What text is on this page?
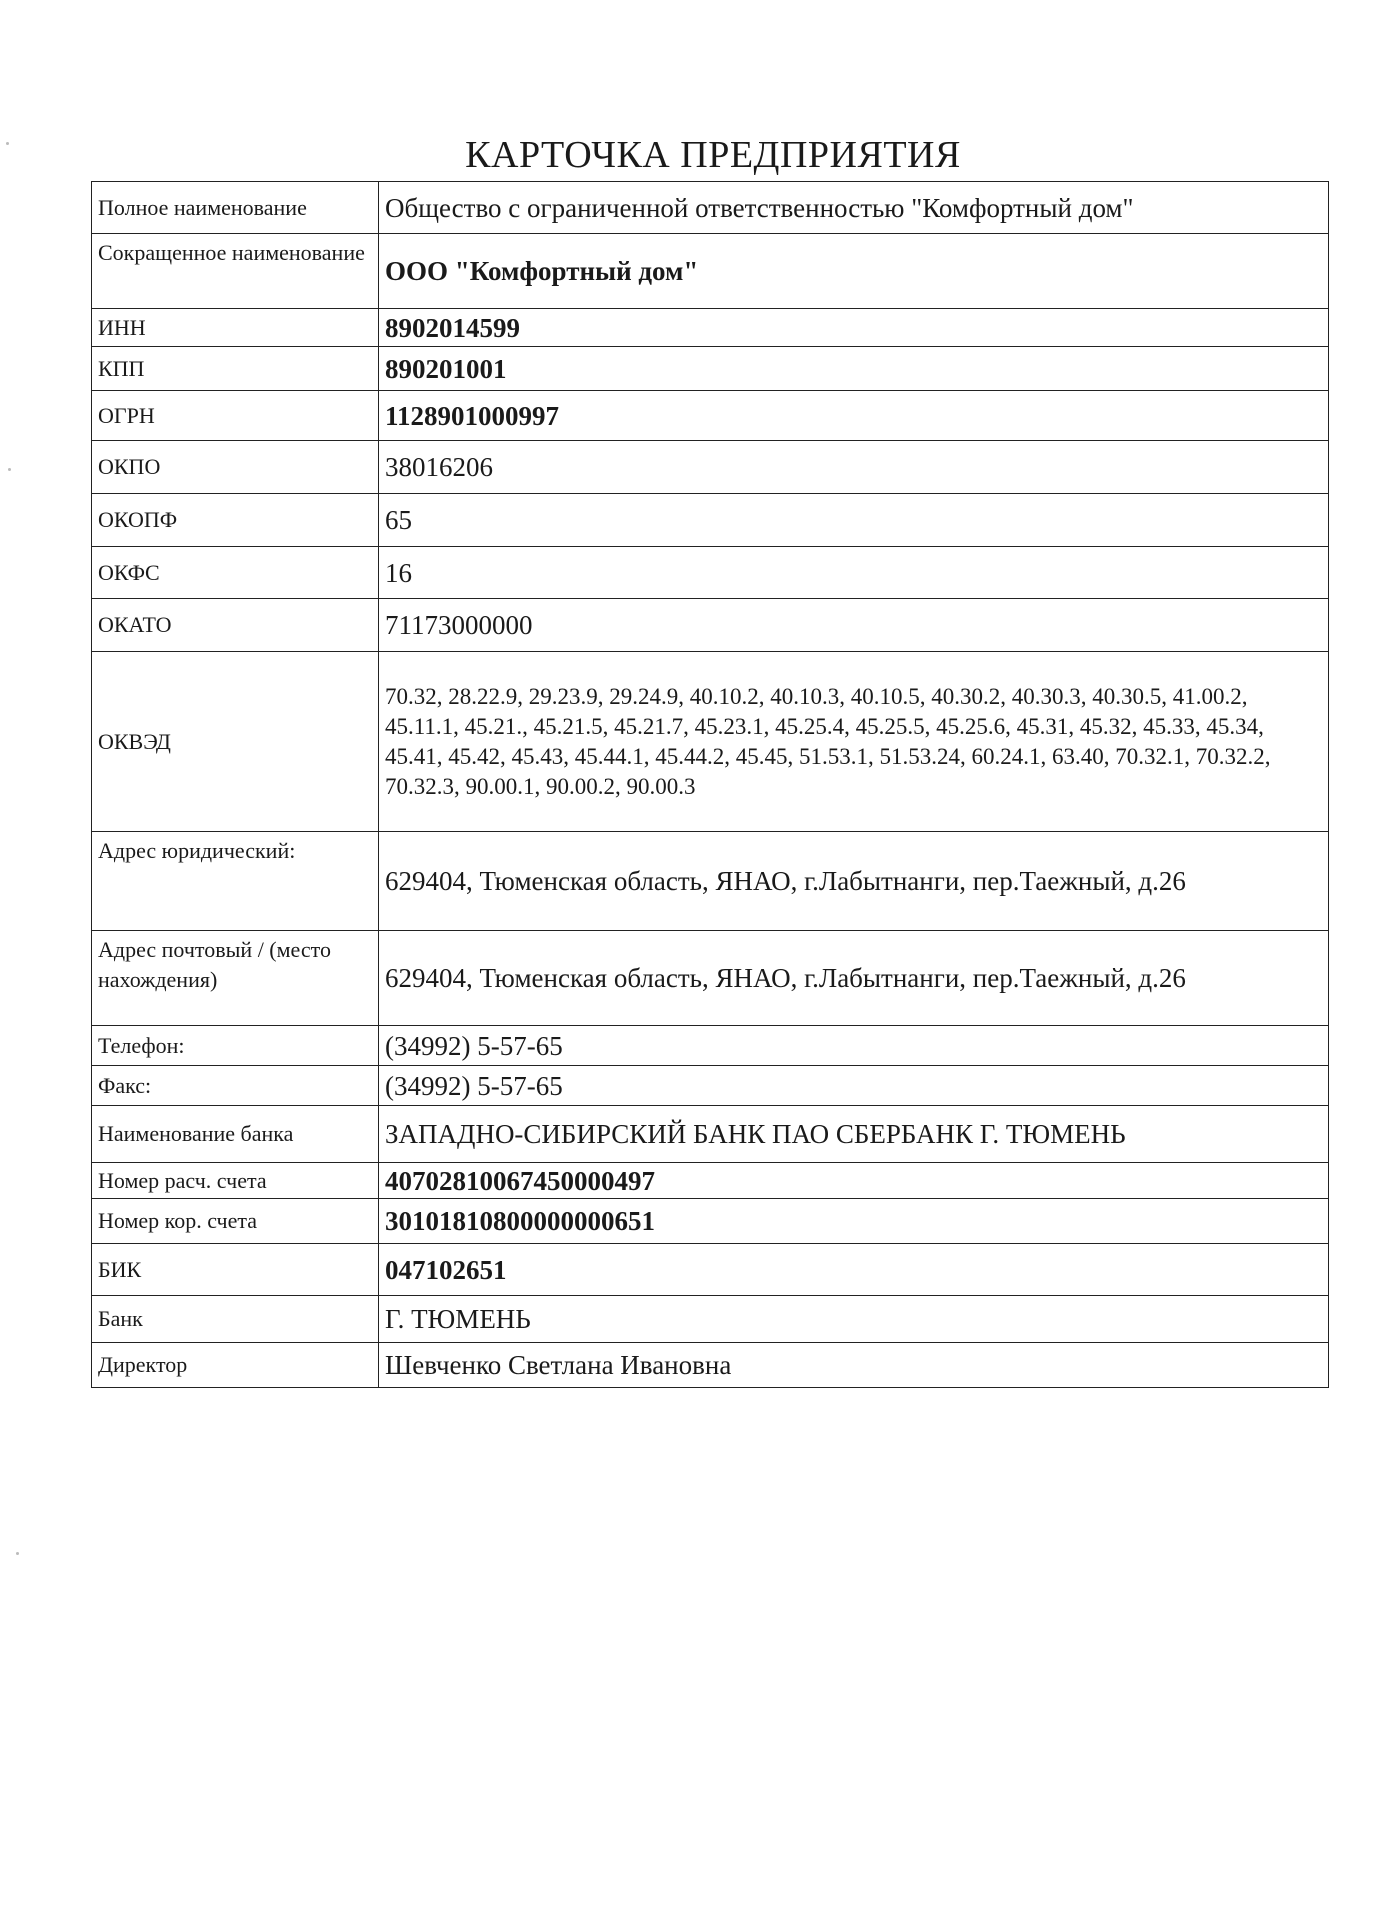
КАРТОЧКА ПРЕДПРИЯТИЯ
Полное наименование	Общество с ограниченной ответственностью "Комфортный дом"
Сокращенное наименование	ООО "Комфортный дом"
ИНН	8902014599
КПП	890201001
ОГРН	1128901000997
ОКПО	38016206
ОКОПФ	65
ОКФС	16
ОКАТО	71173000000
ОКВЭД	70.32, 28.22.9, 29.23.9, 29.24.9, 40.10.2, 40.10.3, 40.10.5, 40.30.2, 40.30.3, 40.30.5, 41.00.2, 45.11.1, 45.21., 45.21.5, 45.21.7, 45.23.1, 45.25.4, 45.25.5, 45.25.6, 45.31, 45.32, 45.33, 45.34, 45.41, 45.42, 45.43, 45.44.1, 45.44.2, 45.45, 51.53.1, 51.53.24, 60.24.1, 63.40, 70.32.1, 70.32.2, 70.32.3, 90.00.1, 90.00.2, 90.00.3
Адрес юридический:	629404, Тюменская область, ЯНАО, г.Лабытнанги, пер.Таежный, д.26
Адрес почтовый / (место нахождения)	629404, Тюменская область, ЯНАО, г.Лабытнанги, пер.Таежный, д.26
Телефон:	(34992) 5-57-65
Факс:	(34992) 5-57-65
Наименование банка	ЗАПАДНО-СИБИРСКИЙ БАНК ПАО СБЕРБАНК Г. ТЮМЕНЬ
Номер расч. счета	40702810067450000497
Номер кор. счета	30101810800000000651
БИК	047102651
Банк	Г. ТЮМЕНЬ
Директор	Шевченко Светлана Ивановна
